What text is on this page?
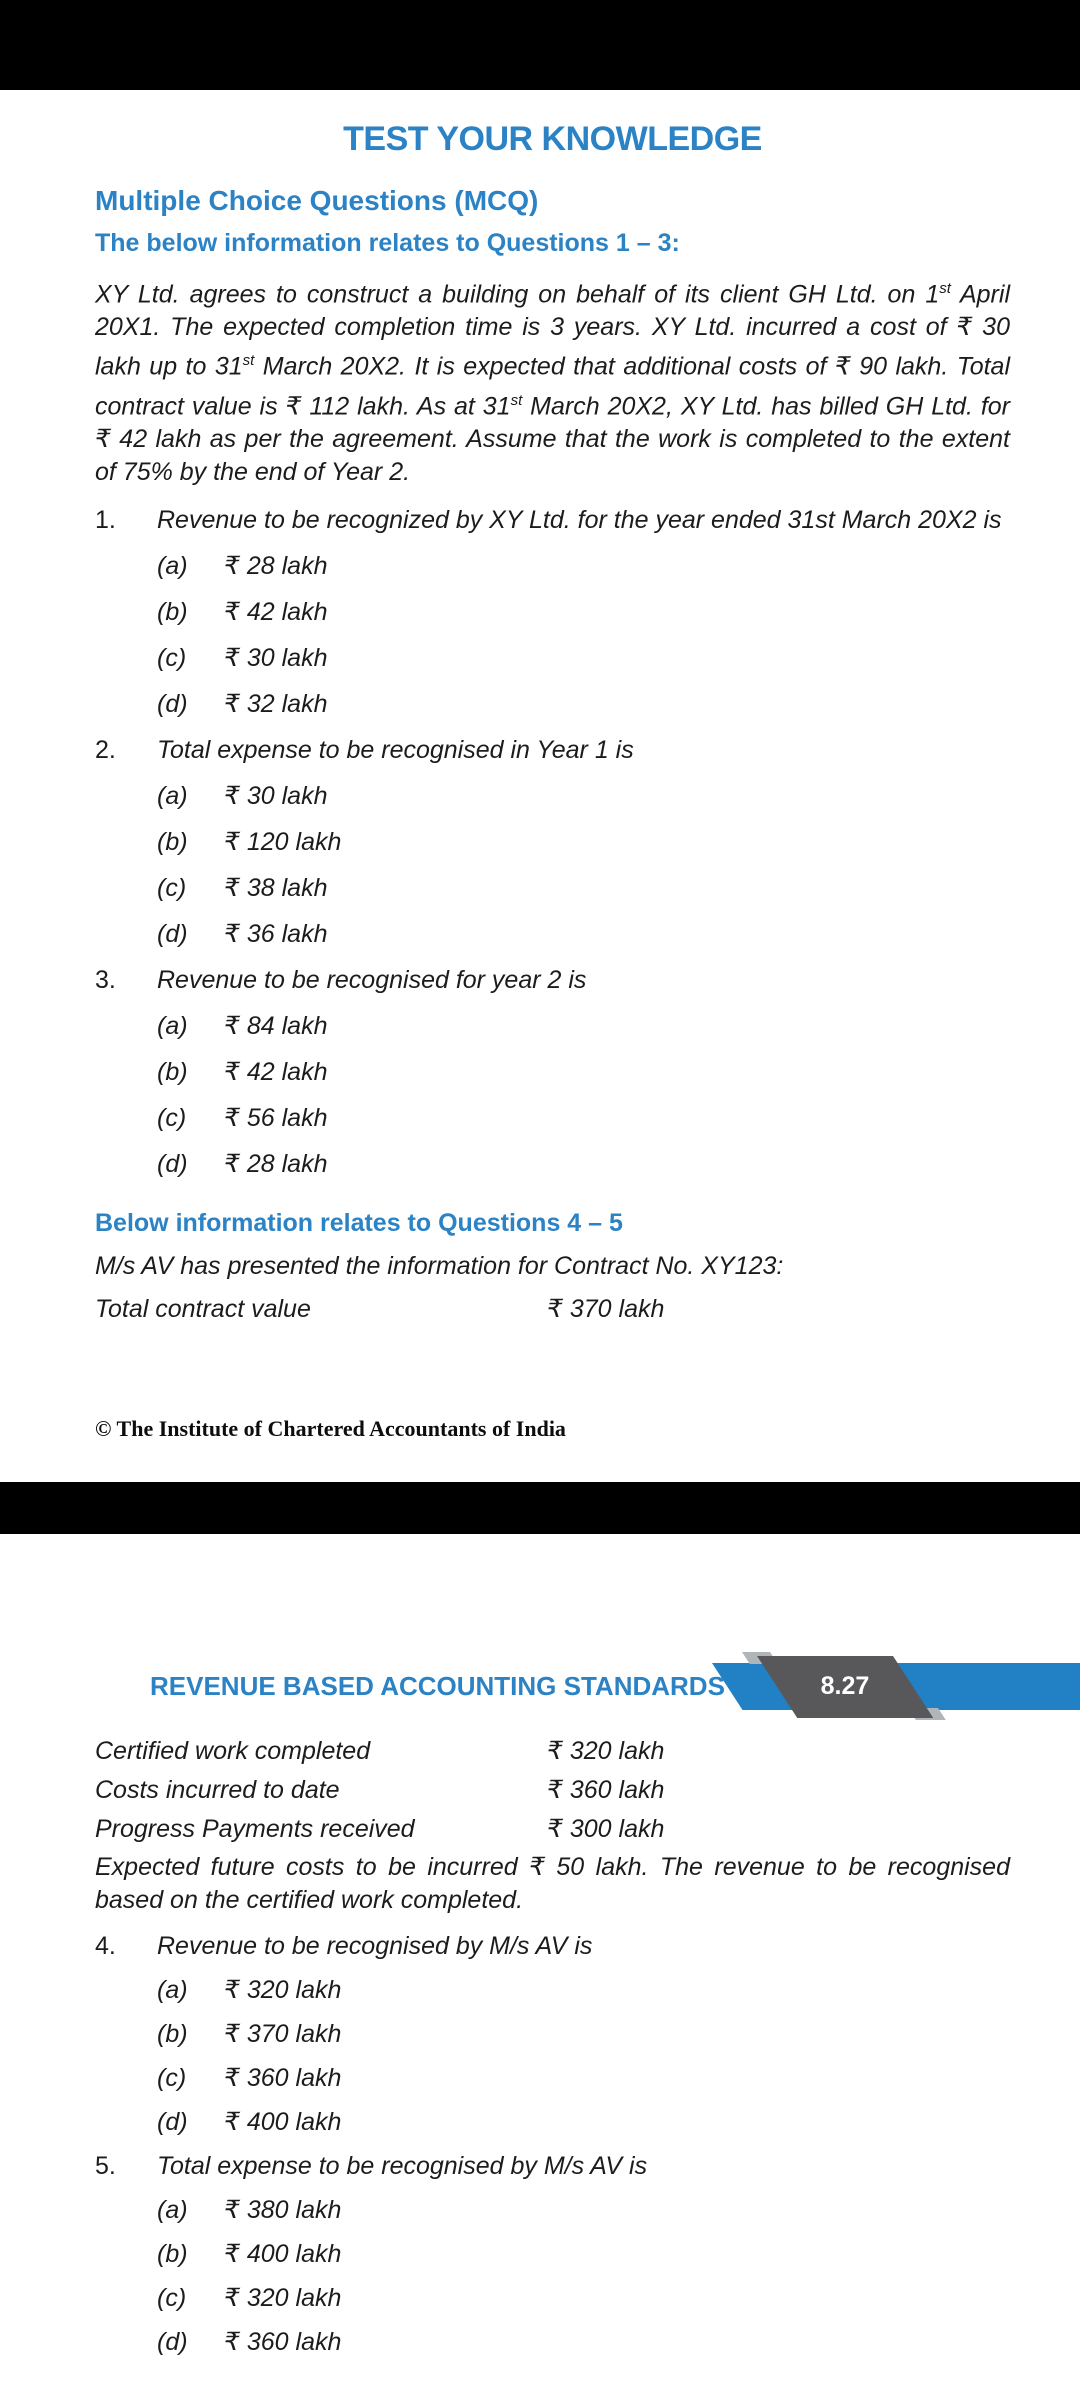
TEST YOUR KNOWLEDGE
Multiple Choice Questions (MCQ)
The below information relates to Questions 1 – 3:

XY Ltd. agrees to construct a building on behalf of its client GH Ltd. on 1st April 20X1. The expected completion time is 3 years. XY Ltd. incurred a cost of ₹ 30 lakh up to 31st March 20X2. It is expected that additional costs of ₹ 90 lakh. Total contract value is ₹ 112 lakh. As at 31st March 20X2, XY Ltd. has billed GH Ltd. for ₹ 42 lakh as per the agreement. Assume that the work is completed to the extent of 75% by the end of Year 2.

1. Revenue to be recognized by XY Ltd. for the year ended 31st March 20X2 is
(a) ₹ 28 lakh
(b) ₹ 42 lakh
(c) ₹ 30 lakh
(d) ₹ 32 lakh
2. Total expense to be recognised in Year 1 is
(a) ₹ 30 lakh
(b) ₹ 120 lakh
(c) ₹ 38 lakh
(d) ₹ 36 lakh
3. Revenue to be recognised for year 2 is
(a) ₹ 84 lakh
(b) ₹ 42 lakh
(c) ₹ 56 lakh
(d) ₹ 28 lakh
Below information relates to Questions 4 – 5

M/s AV has presented the information for Contract No. XY123:

Total contract value	₹ 370 lakh

© The Institute of Chartered Accountants of India

REVENUE BASED ACCOUNTING STANDARDS	8.27
Certified work completed	₹ 320 lakh
Costs incurred to date	₹ 360 lakh
Progress Payments received	₹ 300 lakh

Expected future costs to be incurred ₹ 50 lakh. The revenue to be recognised based on the certified work completed.

4. Revenue to be recognised by M/s AV is
(a) ₹ 320 lakh
(b) ₹ 370 lakh
(c) ₹ 360 lakh
(d) ₹ 400 lakh
5. Total expense to be recognised by M/s AV is
(a) ₹ 380 lakh
(b) ₹ 400 lakh
(c) ₹ 320 lakh
(d) ₹ 360 lakh
